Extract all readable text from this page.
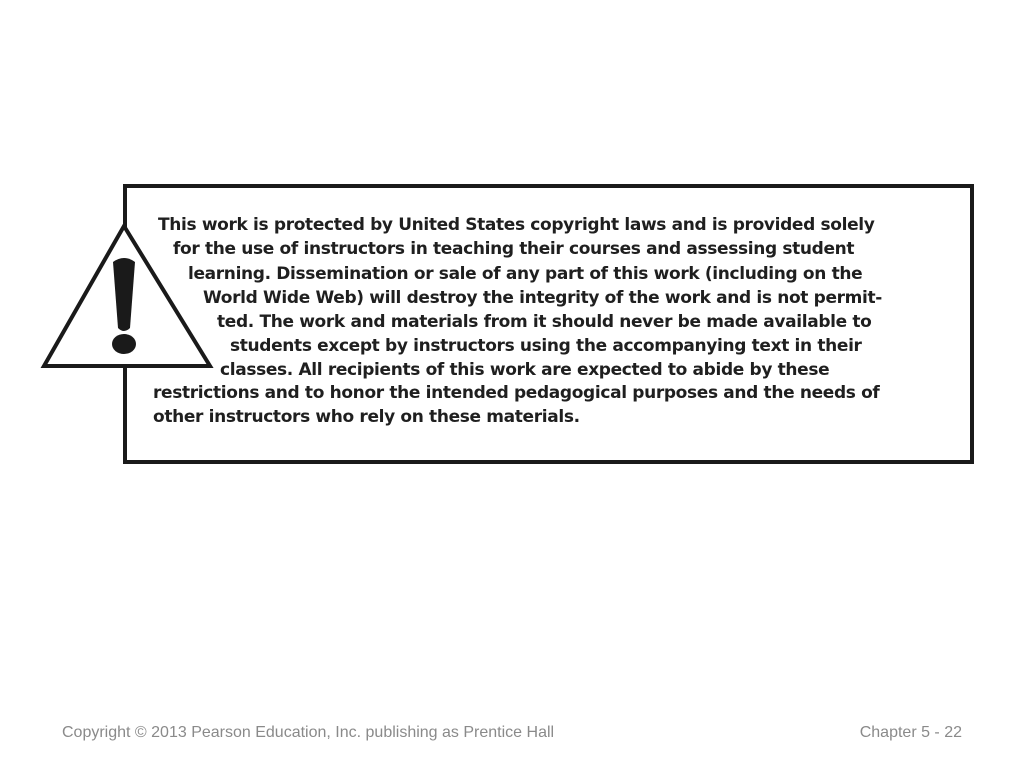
This work is protected by United States copyright laws and is provided solely
for the use of instructors in teaching their courses and assessing student
learning. Dissemination or sale of any part of this work (including on the
World Wide Web) will destroy the integrity of the work and is not permit-
ted. The work and materials from it should never be made available to
students except by instructors using the accompanying text in their
classes. All recipients of this work are expected to abide by these
restrictions and to honor the intended pedagogical purposes and the needs of
other instructors who rely on these materials.
Copyright © 2013 Pearson Education, Inc. publishing as Prentice Hall	Chapter 5 - 22
